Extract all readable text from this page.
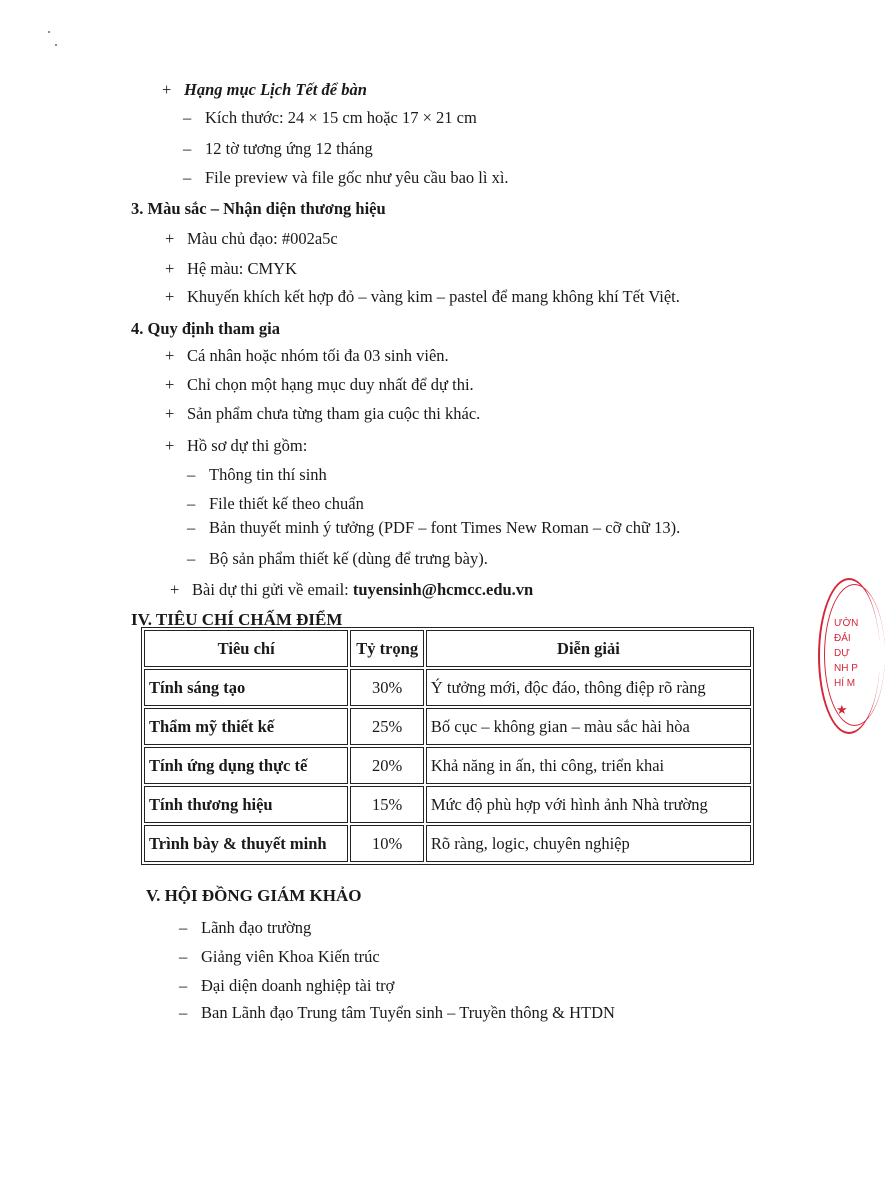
+ Hạng mục Lịch Tết để bàn
– Kích thước: 24 × 15 cm hoặc 17 × 21 cm
– 12 tờ tương ứng 12 tháng
– File preview và file gốc như yêu cầu bao lì xì.
3. Màu sắc – Nhận diện thương hiệu
+ Màu chủ đạo: #002a5c
+ Hệ màu: CMYK
+ Khuyến khích kết hợp đỏ – vàng kim – pastel để mang không khí Tết Việt.
4. Quy định tham gia
+ Cá nhân hoặc nhóm tối đa 03 sinh viên.
+ Chỉ chọn một hạng mục duy nhất để dự thi.
+ Sản phẩm chưa từng tham gia cuộc thi khác.
+ Hồ sơ dự thi gồm:
– Thông tin thí sinh
– File thiết kế theo chuẩn
– Bản thuyết minh ý tưởng (PDF – font Times New Roman – cỡ chữ 13).
– Bộ sản phẩm thiết kế (dùng để trưng bày).
+ Bài dự thi gửi về email: tuyensinh@hcmcc.edu.vn
IV. TIÊU CHÍ CHẤM ĐIỂM
Tiêu chí	Tỷ trọng	Diễn giải
Tính sáng tạo	30%	Ý tưởng mới, độc đáo, thông điệp rõ ràng
Thẩm mỹ thiết kế	25%	Bố cục – không gian – màu sắc hài hòa
Tính ứng dụng thực tế	20%	Khả năng in ấn, thi công, triển khai
Tính thương hiệu	15%	Mức độ phù hợp với hình ảnh Nhà trường
Trình bày & thuyết minh	10%	Rõ ràng, logic, chuyên nghiệp
V. HỘI ĐỒNG GIÁM KHẢO
– Lãnh đạo trường
– Giảng viên Khoa Kiến trúc
– Đại diện doanh nghiệp tài trợ
– Ban Lãnh đạo Trung tâm Tuyển sinh – Truyền thông & HTDN
ƯỜN
ĐẢI
DỰ
NH P
HÍ M
★
